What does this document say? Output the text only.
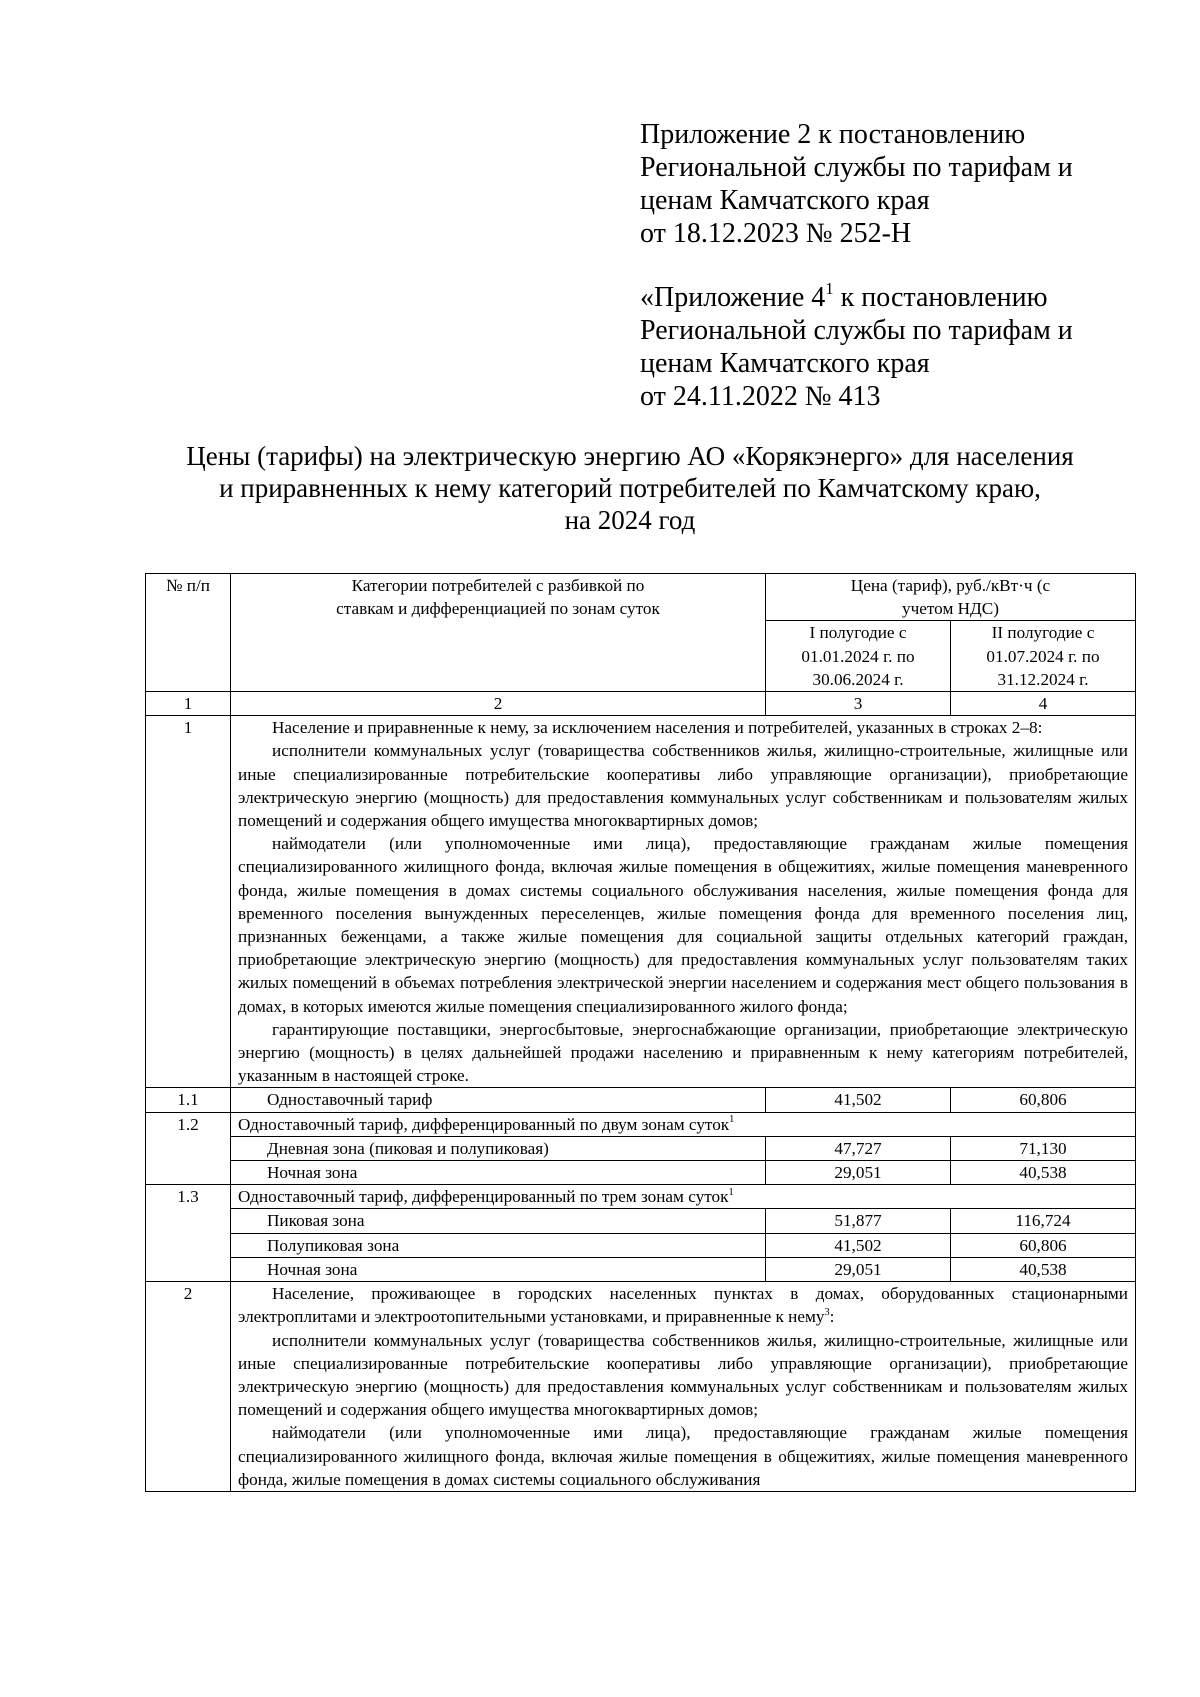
Приложение 2 к постановлению
Региональной службы по тарифам и
ценам Камчатского края
от 18.12.2023 № 252-Н
«Приложение $4^1$ к постановлению
Региональной службы по тарифам и
ценам Камчатского края
от 24.11.2022 № 413
Цены (тарифы) на электрическую энергию АО «Корякэнерго» для населения
и приравненных к нему категорий потребителей по Камчатскому краю,
на 2024 год
№ п/п	Категории потребителей с разбивкой по ставкам и дифференциацией по зонам суток	Цена (тариф), руб./кВт·ч (с учетом НДС)	
		I полугодие с 01.01.2024 г. по 30.06.2024 г.	II полугодие с 01.07.2024 г. по 31.12.2024 г.
1	2	3	4
1	Население и приравненные к нему, за исключением населения и потребителей, указанных в строках 2–8:

исполнители коммунальных услуг (товарищества собственников жилья, жилищно-строительные, жилищные или иные специализированные потребительские кооперативы либо управляющие организации), приобретающие электрическую энергию (мощность) для предоставления коммунальных услуг собственникам и пользователям жилых помещений и содержания общего имущества многоквартирных домов;

наймодатели (или уполномоченные ими лица), предоставляющие гражданам жилые помещения специализированного жилищного фонда, включая жилые помещения в общежитиях, жилые помещения маневренного фонда, жилые помещения в домах системы социального обслуживания населения, жилые помещения фонда для временного поселения вынужденных переселенцев, жилые помещения фонда для временного поселения лиц, признанных беженцами, а также жилые помещения для социальной защиты отдельных категорий граждан, приобретающие электрическую энергию (мощность) для предоставления коммунальных услуг пользователям таких жилых помещений в объемах потребления электрической энергии населением и содержания мест общего пользования в домах, в которых имеются жилые помещения специализированного жилого фонда;

гарантирующие поставщики, энергосбытовые, энергоснабжающие организации, приобретающие электрическую энергию (мощность) в целях дальнейшей продажи населению и приравненным к нему категориям потребителей, указанным в настоящей строке.		

1.1	Одноставочный тариф	41,502	60,806
1.2	Одноставочный тариф, дифференцированный по двум зонам суток$^1$
	Дневная зона (пиковая и полупиковая)	47,727	71,130
	Ночная зона	29,051	40,538
1.3	Одноставочный тариф, дифференцированный по трем зонам суток$^1$
	Пиковая зона	51,877	116,724
	Полупиковая зона	41,502	60,806
	Ночная зона	29,051	40,538
2	Население, проживающее в городских населенных пунктах в домах, оборудованных стационарными электроплитами и электроотопительными установками, и приравненные к нему$^3$:

исполнители коммунальных услуг (товарищества собственников жилья, жилищно-строительные, жилищные или иные специализированные потребительские кооперативы либо управляющие организации), приобретающие электрическую энергию (мощность) для предоставления коммунальных услуг собственникам и пользователям жилых помещений и содержания общего имущества многоквартирных домов;

наймодатели (или уполномоченные ими лица), предоставляющие гражданам жилые помещения специализированного жилищного фонда, включая жилые помещения в общежитиях, жилые помещения маневренного фонда, жилые помещения в домах системы социального обслуживания		
